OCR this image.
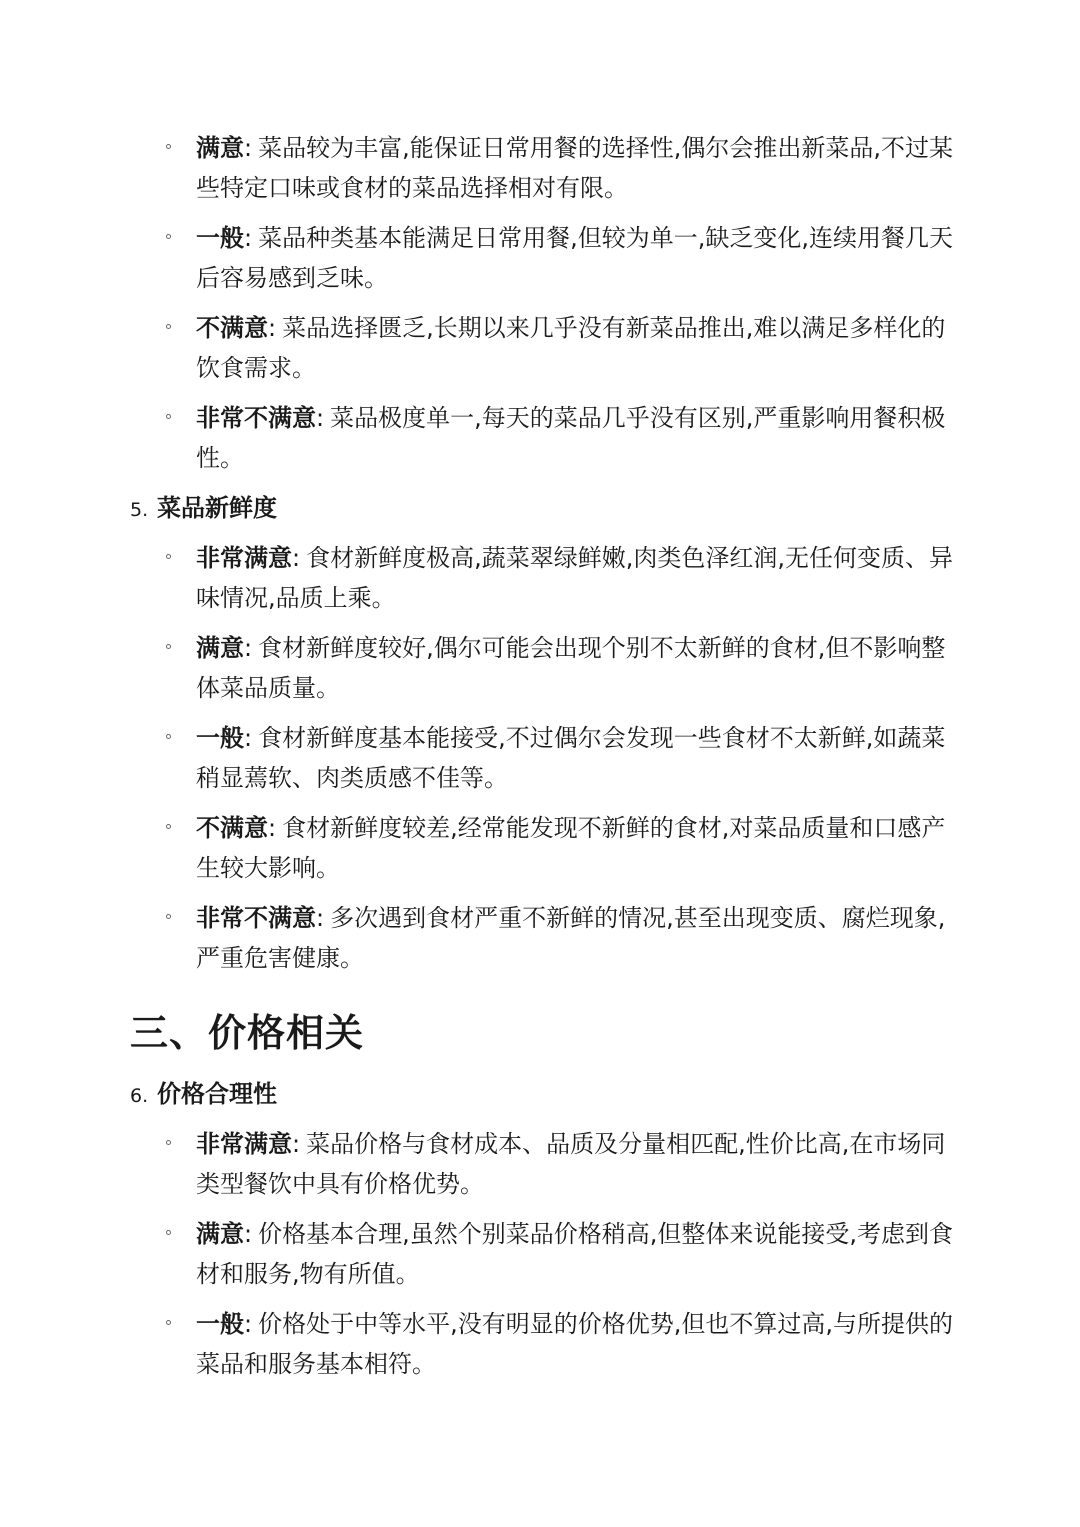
满意: 菜品较为丰富,能保证日常用餐的选择性,偶尔会推出新菜品,不过某些特定口味或食材的菜品选择相对有限。
一般: 菜品种类基本能满足日常用餐,但较为单一,缺乏变化,连续用餐几天后容易感到乏味。
不满意: 菜品选择匮乏,长期以来几乎没有新菜品推出,难以满足多样化的饮食需求。
非常不满意: 菜品极度单一,每天的菜品几乎没有区别,严重影响用餐积极性。
5. 菜品新鲜度
非常满意: 食材新鲜度极高,蔬菜翠绿鲜嫩,肉类色泽红润,无任何变质、异味情况,品质上乘。
满意: 食材新鲜度较好,偶尔可能会出现个别不太新鲜的食材,但不影响整体菜品质量。
一般: 食材新鲜度基本能接受,不过偶尔会发现一些食材不太新鲜,如蔬菜稍显蔫软、肉类质感不佳等。
不满意: 食材新鲜度较差,经常能发现不新鲜的食材,对菜品质量和口感产生较大影响。
非常不满意: 多次遇到食材严重不新鲜的情况,甚至出现变质、腐烂现象,严重危害健康。
三、价格相关
6. 价格合理性
非常满意: 菜品价格与食材成本、品质及分量相匹配,性价比高,在市场同类型餐饮中具有价格优势。
满意: 价格基本合理,虽然个别菜品价格稍高,但整体来说能接受,考虑到食材和服务,物有所值。
一般: 价格处于中等水平,没有明显的价格优势,但也不算过高,与所提供的菜品和服务基本相符。
